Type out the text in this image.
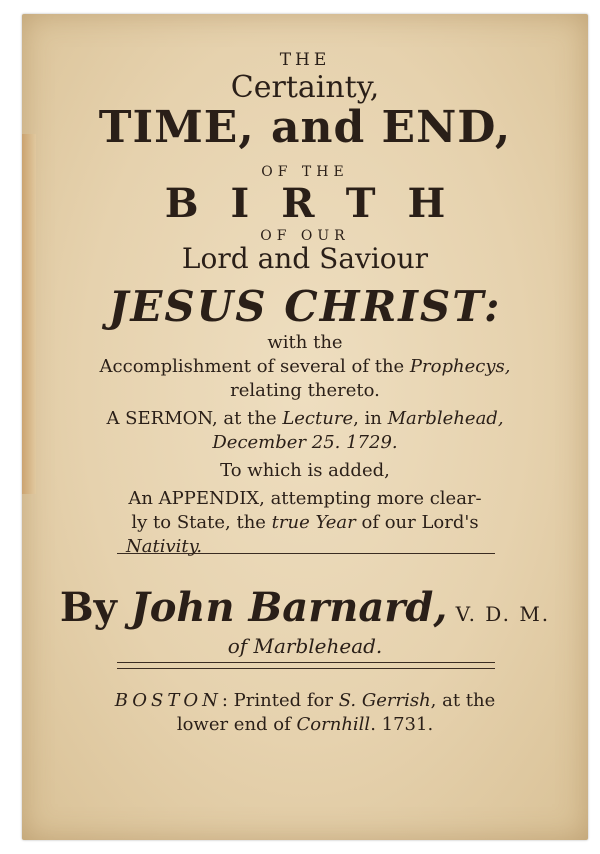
THE
Certainty,
TIME, and END,
OF THE
BIRTH
OF OUR
Lord and Saviour
JESUS CHRIST:
with the
Accomplishment of several of the Prophecys,
relating thereto.
A SERMON, at the Lecture, in Marblehead,
December 25. 1729.
To which is added,
An APPENDIX, attempting more clear-
ly to State, the true Year of our Lord's
Nativity.
By John Barnard, V. D. M.
of Marblehead.
BOSTON: Printed for S. Gerrish, at the
lower end of Cornhill. 1731.
